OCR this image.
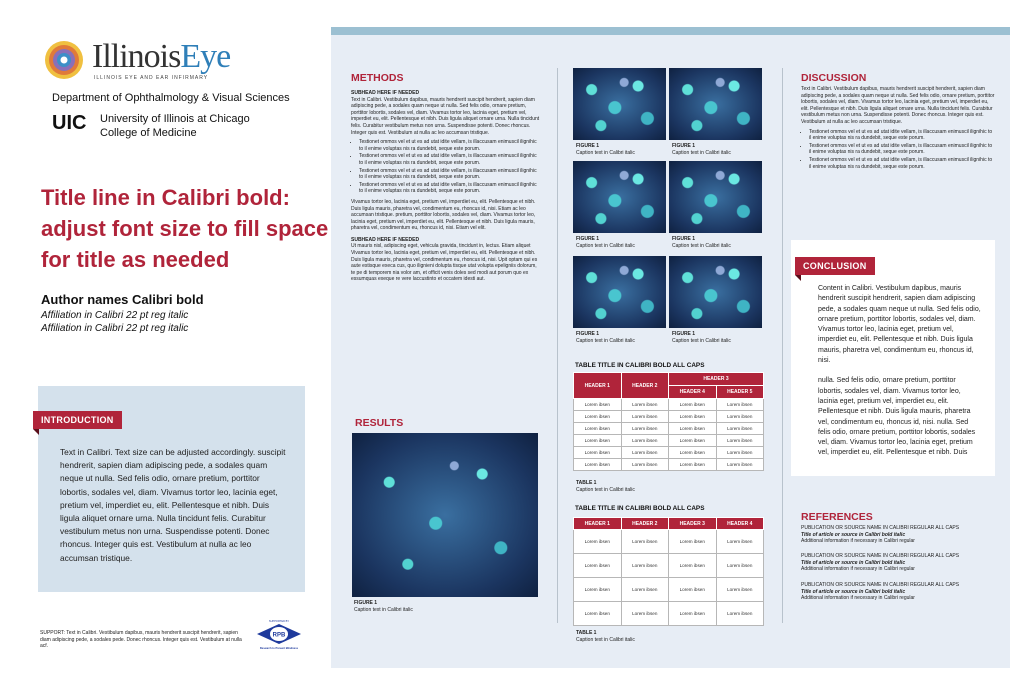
IllinoisEye
ILLINOIS EYE AND EAR INFIRMARY
Department of Ophthalmology & Visual Sciences
UIC University of Illinois at Chicago
College of Medicine
Title line in Calibri bold: adjust font size to fill space for title as needed
Author names Calibri bold
Affiliation in Calibri 22 pt reg italic
Affiliation in Calibri 22 pt reg italic
INTRODUCTION
Text in Calibri. Text size can be adjusted accordingly. suscipit hendrerit, sapien diam adipiscing pede, a sodales quam neque ut nulla. Sed felis odio, ornare pretium, porttitor lobortis, sodales vel, diam. Vivamus tortor leo, lacinia eget, pretium vel, imperdiet eu, elit. Pellentesque et nibh. Duis ligula aliquet ornare urna. Nulla tincidunt felis. Curabitur vestibulum metus non urna. Suspendisse potenti. Donec rhoncus. Integer quis est. Vestibulum at nulla ac leo accumsan tristique.
SUPPORT: Text in Calibri. Vestibulum dapibus, mauris hendrerit suscipit hendrerit, sapien diam adipiscing pede, a sodales pede. Donec rhoncus. Integer quis est. Vestibulum at nulla acf.
RPB
SUPPORTED BY
Research to Prevent Blindness
METHODS
SUBHEAD HERE IF NEEDED
Text in Calibri. Vestibulum dapibus, mauris hendrerit suscipit hendrerit, sapien diam adipiscing pede, a sodales quam neque ut nulla. Sed felis odio, ornare pretium, porttitor lobortis, sodales vel, diam. Vivamus tortor leo, lacinia eget, pretium vel, imperdiet eu, elit. Pellentesque et nibh. Duis ligula aliquet ornare urna. Nulla tincidunt felis. Curabitur vestibulum metus non urna. Suspendisse potenti. Donec rhoncus. Integer quis est. Vestibulum at nulla ac leo accumsan tristique.
• Testionet ommos vel et ut es ad utat idite vellam, is illaccusam enimuscil ilignihic to il enime voluptas nis ra dundebit, seque este porum.
• Testionet ommos vel et ut es ad utat idite vellam, is illaccusam enimuscil ilignihic to il enime voluptas nis ra dundebit, seque este porum.
• Testionet ommos vel et ut es ad utat idite vellam, is illaccusam enimuscil ilignihic to il enime voluptas nis ra dundebit, seque este porum.
• Testionet ommos vel et ut es ad utat idite vellam, is illaccusam enimuscil ilignihic to il enime voluptas nis ra dundebit, seque este porum.
Vivamus tortor leo, lacinia eget, pretium vel, imperdiet eu, elit. Pellentesque et nibh. Duis ligula mauris, pharetra vel, condimentum eu, rhoncus id, nisi. Etiam ac leo accumsan tristique. pretium, porttitor lobortis, sodales vel, diam. Vivamus tortor leo, lacinia eget, pretium vel, imperdiet eu, elit. Pellentesque et nibh. Duis ligula mauris, pharetra vel, condimentum eu, rhoncus id, nisi. Etiam vel elit.
SUBHEAD HERE IF NEEDED
Ut mauris nisl, adipiscing eget, vehicula gravida, tincidunt in, lectus. Etiam aliquet Vivamus tortor leo, lacinia eget, pretium vel, imperdiet eu, elit. Pellentesque et nibh. Duis ligula mauris, pharetra vel, condimentum eu, rhoncus id, nisi. Upit optam qui es aute estisque execa cus, quo ilignieni dolupta tisque utat volupta epeligniis dolorum, te pe di temporem nia volor am, et officit venis doles sed modi aut porum quo ex essumquas exeque re vere laccustinto et occatem idesti aut.
RESULTS
FIGURE 1
Caption text in Calibri italic
FIGURE 1
Caption text in Calibri italic
FIGURE 1
Caption text in Calibri italic
FIGURE 1
Caption text in Calibri italic
FIGURE 1
Caption text in Calibri italic
FIGURE 1
Caption text in Calibri italic
FIGURE 1
Caption text in Calibri italic
TABLE TITLE IN CALIBRI BOLD ALL CAPS
HEADER 1	HEADER 2	HEADER 3	
		HEADER 4	HEADER 5
Lorem ibsen	Lorem ibsen	Lorem ibsen	Lorem ibsen
Lorem ibsen	Lorem ibsen	Lorem ibsen	Lorem ibsen
Lorem ibsen	Lorem ibsen	Lorem ibsen	Lorem ibsen
Lorem ibsen	Lorem ibsen	Lorem ibsen	Lorem ibsen
Lorem ibsen	Lorem ibsen	Lorem ibsen	Lorem ibsen
Lorem ibsen	Lorem ibsen	Lorem ibsen	Lorem ibsen
TABLE 1
Caption text in Calibri italic
TABLE TITLE IN CALIBRI BOLD ALL CAPS
HEADER 1	HEADER 2	HEADER 3	HEADER 4
Lorem ibsen	Lorem ibsen	Lorem ibsen	Lorem ibsen
Lorem ibsen	Lorem ibsen	Lorem ibsen	Lorem ibsen
Lorem ibsen	Lorem ibsen	Lorem ibsen	Lorem ibsen
Lorem ibsen	Lorem ibsen	Lorem ibsen	Lorem ibsen
TABLE 1
Caption text in Calibri italic
DISCUSSION
Text in Calibri. Vestibulum dapibus, mauris hendrerit suscipit hendrerit, sapien diam adipiscing pede, a sodales quam neque ut nulla. Sed felis odio, ornare pretium, porttitor lobortis, sodales vel, diam. Vivamus tortor leo, lacinia eget, pretium vel, imperdiet eu, elit. Pellentesque et nibh. Duis ligula aliquet ornare urna. Nulla tincidunt felis. Curabitur vestibulum metus non urna. Suspendisse potenti. Donec rhoncus. Integer quis est. Vestibulum at nulla ac leo accumsan tristique.
• Testionet ommos vel et ut es ad utat idite vellam, is illaccusam enimuscil ilignihic to il enime voluptas nis ra dundebit, seque este porum.
• Testionet ommos vel et ut es ad utat idite vellam, is illaccusam enimuscil ilignihic to il enime voluptas nis ra dundebit, seque este porum.
• Testionet ommos vel et ut es ad utat idite vellam, is illaccusam enimuscil ilignihic to il enime voluptas nis ra dundebit, seque este porum.
CONCLUSION
Content in Calibri. Vestibulum dapibus, mauris hendrerit suscipit hendrerit, sapien diam adipiscing pede, a sodales quam neque ut nulla. Sed felis odio, ornare pretium, porttitor lobortis, sodales vel, diam. Vivamus tortor leo, lacinia eget, pretium vel, imperdiet eu, elit. Pellentesque et nibh. Duis ligula mauris, pharetra vel, condimentum eu, rhoncus id, nisi.
nulla. Sed felis odio, ornare pretium, porttitor lobortis, sodales vel, diam. Vivamus tortor leo, lacinia eget, pretium vel, imperdiet eu, elit. Pellentesque et nibh. Duis ligula mauris, pharetra vel, condimentum eu, rhoncus id, nisi. nulla. Sed felis odio, ornare pretium, porttitor lobortis, sodales vel, diam. Vivamus tortor leo, lacinia eget, pretium vel, imperdiet eu, elit. Pellentesque et nibh. Duis
REFERENCES
PUBLICATION OR SOURCE NAME IN CALIBRI REGULAR ALL CAPS
Title of article or source in Calibri bold italic
Additional information if necessary in Calibri regular
PUBLICATION OR SOURCE NAME IN CALIBRI REGULAR ALL CAPS
Title of article or source in Calibri bold italic
Additional information if necessary in Calibri regular
PUBLICATION OR SOURCE NAME IN CALIBRI REGULAR ALL CAPS
Title of article or source in Calibri bold italic
Additional information if necessary in Calibri regular
